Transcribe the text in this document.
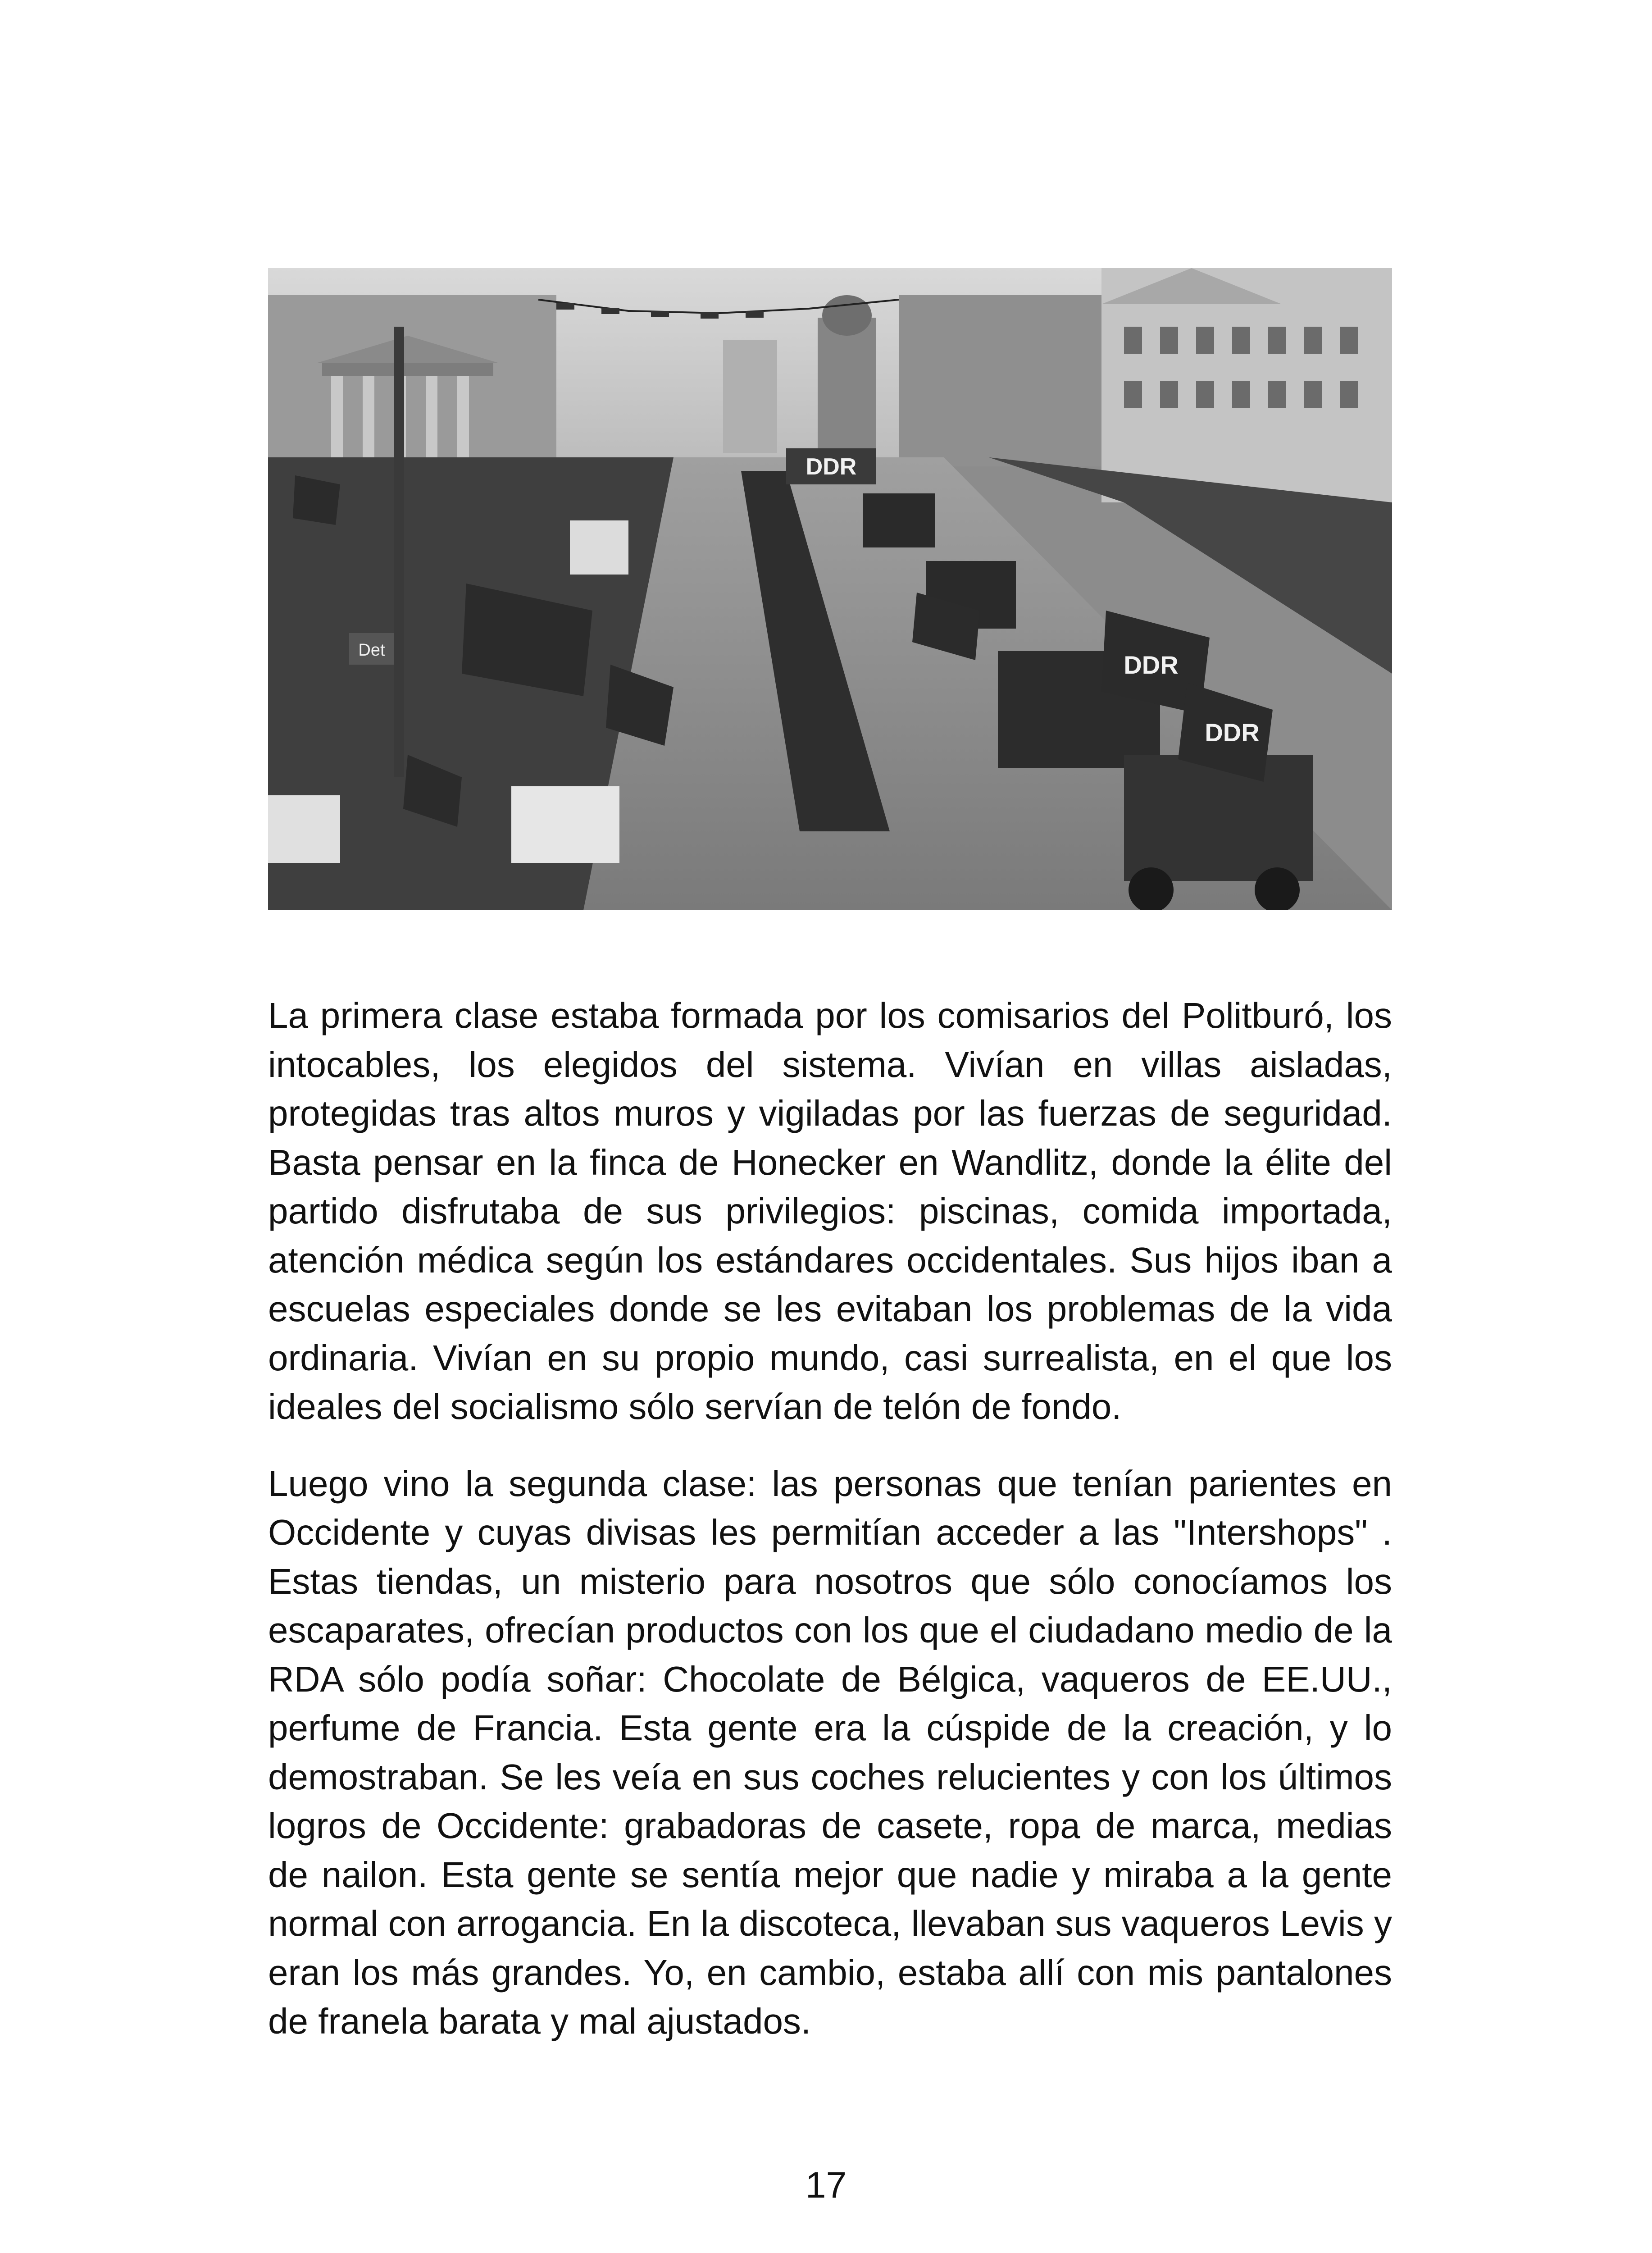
DDR
DDR
DDR
Det

La primera clase estaba formada por los comisarios del Politburó, los intocables, los elegidos del sistema. Vivían en villas aisladas, protegidas tras altos muros y vigiladas por las fuerzas de seguridad. Basta pensar en la finca de Honecker en Wandlitz, donde la élite del partido disfrutaba de sus privilegios: piscinas, comida importada, atención médica según los estándares occidentales. Sus hijos iban a escuelas especiales donde se les evitaban los problemas de la vida ordinaria. Vivían en su propio mundo, casi surrealista, en el que los ideales del socialismo sólo servían de telón de fondo.

Luego vino la segunda clase: las personas que tenían parientes en Occidente y cuyas divisas les permitían acceder a las "Intershops" . Estas tiendas, un misterio para nosotros que sólo conocíamos los escaparates, ofrecían productos con los que el ciudadano medio de la RDA sólo podía soñar: Chocolate de Bélgica, vaqueros de EE.UU., perfume de Francia. Esta gente era la cúspide de la creación, y lo demostraban. Se les veía en sus coches relucientes y con los últimos logros de Occidente: grabadoras de casete, ropa de marca, medias de nailon. Esta gente se sentía mejor que nadie y miraba a la gente normal con arrogancia. En la discoteca, llevaban sus vaqueros Levis y eran los más grandes. Yo, en cambio, estaba allí con mis pantalones de franela barata y mal ajustados.

17
